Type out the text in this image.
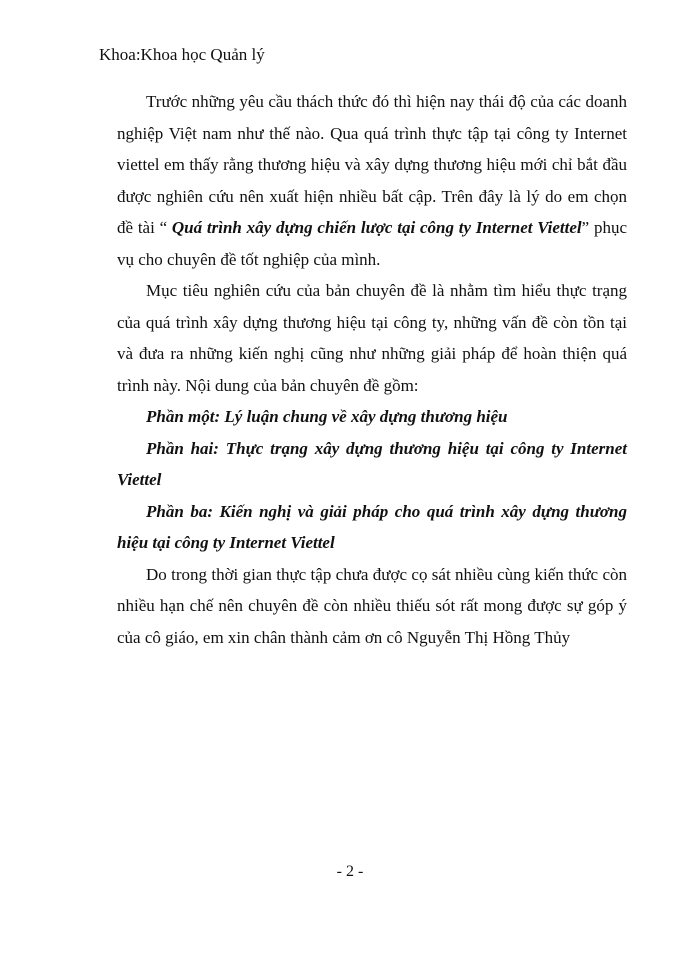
Khoa:Khoa học Quản lý

Trước những yêu cầu thách thức đó thì hiện nay thái độ của các doanh nghiệp Việt nam như thế nào. Qua quá trình thực tập tại công ty Internet viettel em thấy rằng thương hiệu và xây dựng thương hiệu mới chỉ bắt đầu được nghiên cứu nên xuất hiện nhiều bất cập. Trên đây là lý do em chọn đề tài “ Quá trình xây dựng chiến lược tại công ty Internet Viettel” phục vụ cho chuyên đề tốt nghiệp của mình.

Mục tiêu nghiên cứu của bản chuyên đề là nhằm tìm hiểu thực trạng của quá trình xây dựng thương hiệu tại công ty, những vấn đề còn tồn tại và đưa ra những kiến nghị cũng như những giải pháp để hoàn thiện quá trình này. Nội dung của bản chuyên đề gồm:

Phần một: Lý luận chung về xây dựng thương hiệu

Phần hai: Thực trạng xây dựng thương hiệu tại công ty Internet Viettel

Phần ba: Kiến nghị và giải pháp cho quá trình xây dựng thương hiệu tại công ty Internet Viettel

Do trong thời gian thực tập chưa được cọ sát nhiều cùng kiến thức còn nhiều hạn chế nên chuyên đề còn nhiều thiếu sót rất mong được sự góp ý của cô giáo, em xin chân thành cảm ơn cô Nguyễn Thị Hồng Thủy

- 2 -
